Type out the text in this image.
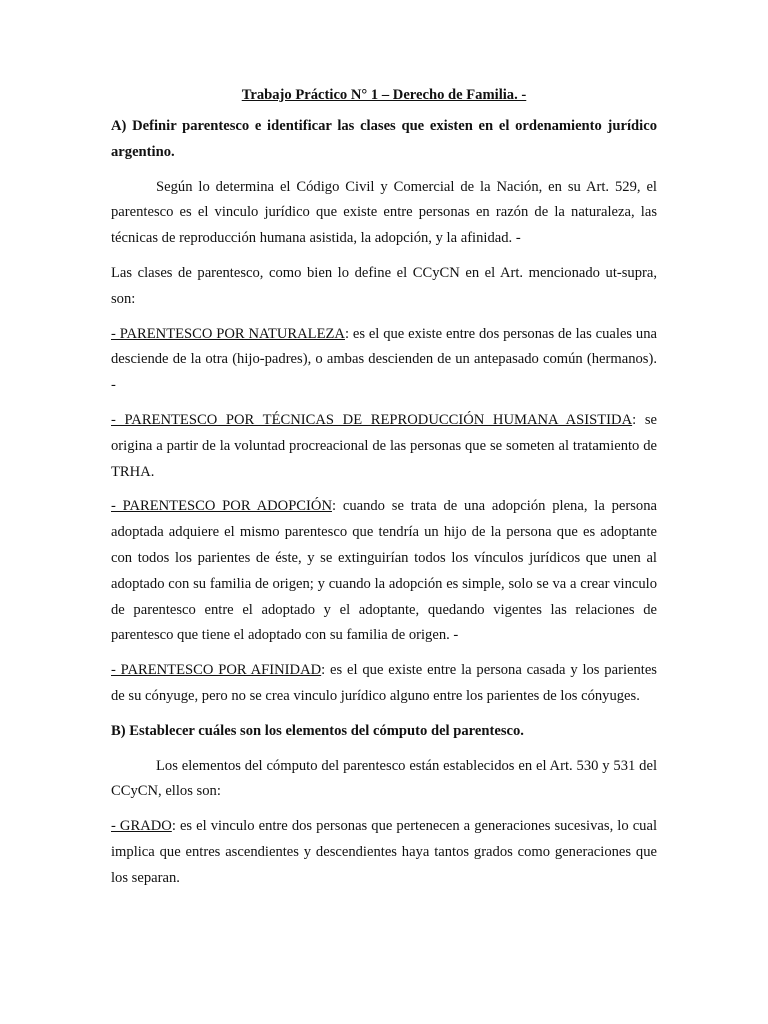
Trabajo Práctico N° 1 – Derecho de Familia. -

A) Definir parentesco e identificar las clases que existen en el ordenamiento jurídico argentino.

Según lo determina el Código Civil y Comercial de la Nación, en su Art. 529, el parentesco es el vinculo jurídico que existe entre personas en razón de la naturaleza, las técnicas de reproducción humana asistida, la adopción, y la afinidad. -

Las clases de parentesco, como bien lo define el CCyCN en el Art. mencionado ut-supra, son:

- PARENTESCO POR NATURALEZA: es el que existe entre dos personas de las cuales una desciende de la otra (hijo-padres), o ambas descienden de un antepasado común (hermanos). -

- PARENTESCO POR TÉCNICAS DE REPRODUCCIÓN HUMANA ASISTIDA: se origina a partir de la voluntad procreacional de las personas que se someten al tratamiento de TRHA.

- PARENTESCO POR ADOPCIÓN: cuando se trata de una adopción plena, la persona adoptada adquiere el mismo parentesco que tendría un hijo de la persona que es adoptante con todos los parientes de éste, y se extinguirían todos los vínculos jurídicos que unen al adoptado con su familia de origen; y cuando la adopción es simple, solo se va a crear vinculo de parentesco entre el adoptado y el adoptante, quedando vigentes las relaciones de parentesco que tiene el adoptado con su familia de origen. -

- PARENTESCO POR AFINIDAD: es el que existe entre la persona casada y los parientes de su cónyuge, pero no se crea vinculo jurídico alguno entre los parientes de los cónyuges.

B) Establecer cuáles son los elementos del cómputo del parentesco.

Los elementos del cómputo del parentesco están establecidos en el Art. 530 y 531 del CCyCN, ellos son:

- GRADO: es el vinculo entre dos personas que pertenecen a generaciones sucesivas, lo cual implica que entres ascendientes y descendientes haya tantos grados como generaciones que los separan.
